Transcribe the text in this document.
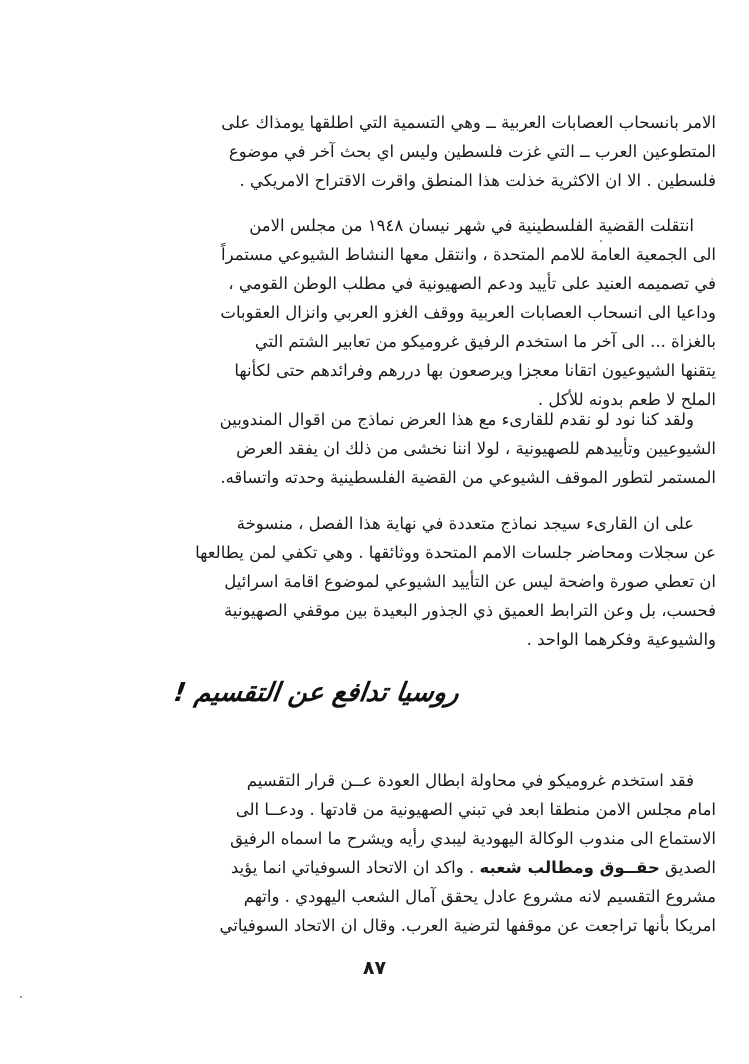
الامر بانسحاب العصابات العربية ــ وهي التسمية التي اطلقها يومذاك على

المتطوعين العرب ــ التي غزت فلسطين وليس اي بحث آخر في موضوع

فلسطين . الا ان الاكثرية خذلت هذا المنطق واقرت الاقتراح الامريكي .

انتقلت القضية الفلسطينية في شهر نيسان ١٩٤٨ من مجلس الامن

الى الجمعية العامة للامم المتحدة ، وانتقل معها النشاط الشيوعي مستمراً

في تصميمه العنيد على تأييد ودعم الصهيونية في مطلب الوطن القومي ،

وداعيا الى انسحاب العصابات العربية ووقف الغزو العربي وانزال العقوبات

بالغزاة ... الى آخر ما استخدم الرفيق غروميكو من تعابير الشتم التي

يتقنها الشيوعيون اتقانا معجزا ويرصعون بها دررهم وفرائدهم حتى لكأنها

الملح لا طعم بدونه للأكل .

ولقد كنا نود لو نقدم للقارىء مع هذا العرض نماذج من اقوال المندوبين

الشيوعيين وتأييدهم للصهيونية ، لولا اننا نخشى من ذلك ان يفقد العرض

المستمر لتطور الموقف الشيوعي من القضية الفلسطينية وحدته واتساقه.

على ان القارىء سيجد نماذج متعددة في نهاية هذا الفصل ، منسوخة

عن سجلات ومحاضر جلسات الامم المتحدة ووثائقها . وهي تكفي لمن يطالعها

ان تعطي صورة واضحة ليس عن التأييد الشيوعي لموضوع اقامة اسرائيل

فحسب، بل وعن الترابط العميق ذي الجذور البعيدة بين موقفي الصهيونية

والشيوعية وفكرهما الواحد .

روسيا تدافع عن التقسيم !

فقد استخدم غروميكو في محاولة ابطال العودة عــن قرار التقسيم

امام مجلس الامن منطقا ابعد في تبني الصهيونية من قادتها . ودعــا الى

الاستماع الى مندوب الوكالة اليهودية ليبدي رأيه ويشرح ما اسماه الرفيق

الصديق حقــوق ومطالب شعبه . واكد ان الاتحاد السوفياتي انما يؤيد

مشروع التقسيم لانه مشروع عادل يحقق آمال الشعب اليهودي . واتهم

امريكا بأنها تراجعت عن موقفها لترضية العرب. وقال ان الاتحاد السوفياتي

٨٧
